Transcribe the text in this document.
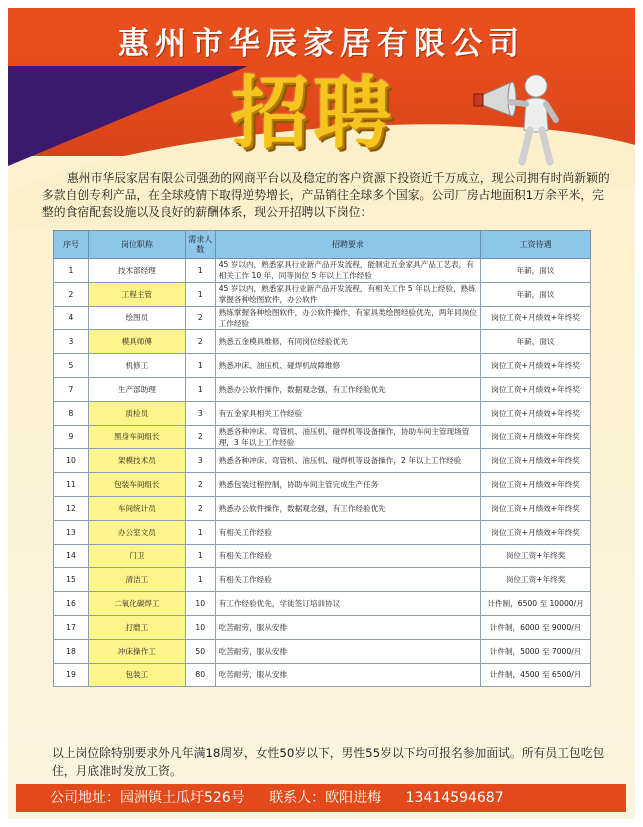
惠州市华辰家居有限公司
招聘
惠州市华辰家居有限公司强劲的网商平台以及稳定的客户资源下投资近千万成立，现公司拥有时尚新颖的多款自创专利产品，在全球疫情下取得逆势增长，产品销往全球多个国家。公司厂房占地面积1万余平米，完整的食宿配套设施以及良好的薪酬体系，现公开招聘以下岗位：
序号	岗位职称	需求人数	招聘要求	工资待遇
1	技术部经理	1	45 岁以内，熟悉家具行业新产品开发流程，能制定五金家具产品工艺表，有相关工作 10 年，同等岗位 5 年以上工作经验	年薪，面议
2	工程主管	1	45 岁以内，熟悉家具行业新产品开发流程，有相关工作 5 年以上经验，熟练掌握各种绘图软件，办公软件	年薪，面议
4	绘图员	2	熟练掌握各种绘图软件，办公软件操作，有家具类绘图经验优先，两年同岗位工作经验	岗位工资+月绩效+年终奖
3	模具师傅	2	熟悉五金模具维修，有同岗位经验优先	年薪，面议
5	机修工	1	熟悉冲床、油压机、碰焊机故障维修	岗位工资+月绩效+年终奖
7	生产部助理	1	熟悉办公软件操作，数据观念强，有工作经验优先	岗位工资+月绩效+年终奖
8	质检员	3	有五金家具相关工作经验	岗位工资+月绩效+年终奖
9	黑身车间组长	2	熟悉各种冲床、弯管机、油压机、碰焊机等设备操作，协助车间主管现场管理，3 年以上工作经验	岗位工资+月绩效+年终奖
10	架模技术员	3	熟悉各种冲床、弯管机、油压机、碰焊机等设备操作，2 年以上工作经验	岗位工资+月绩效+年终奖
11	包装车间组长	2	熟悉包装过程控制，协助车间主管完成生产任务	岗位工资+月绩效+年终奖
12	车间统计员	2	熟悉办公软件操作，数据观念强，有工作经验优先	岗位工资+月绩效+年终奖
13	办公室文员	1	有相关工作经验	岗位工资+月绩效+年终奖
14	门卫	1	有相关工作经验	岗位工资+年终奖
15	清洁工	1	有相关工作经验	岗位工资+年终奖
16	二氧化碳焊工	10	有工作经验优先，学徒签订培训协议	计件制，6500 至 10000/月
17	打磨工	10	吃苦耐劳，服从安排	计件制，6000 至 9000/月
18	冲床操作工	50	吃苦耐劳，服从安排	计件制，5000 至 7000/月
19	包装工	80	吃苦耐劳，服从安排	计件制，4500 至 6500/月
以上岗位除特别要求外凡年满18周岁，女性50岁以下，男性55岁以下均可报名参加面试。所有员工包吃包住，月底准时发放工资。
公司地址：园洲镇土瓜圩526号 联系人：欧阳进梅 13414594687
